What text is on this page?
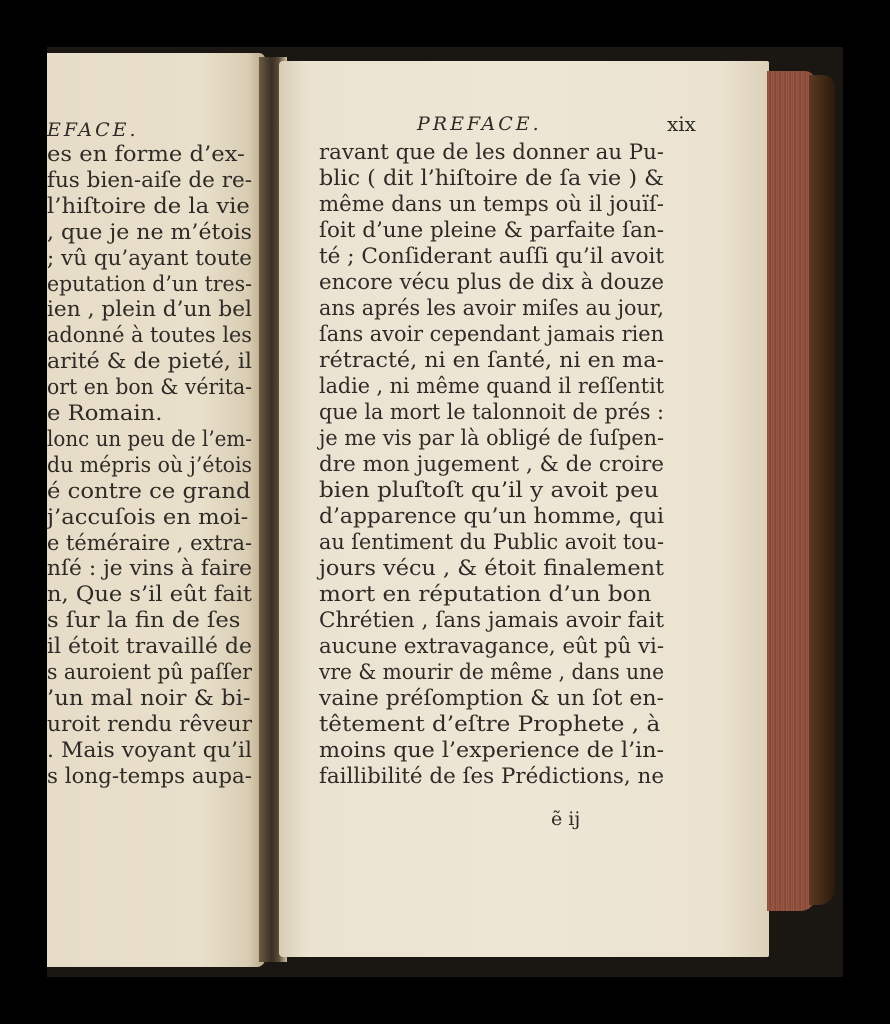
EFACE.
es en forme d’ex-
fus bien-aiſe de re-
l’hiſtoire de la vie
, que je ne m’étois
; vû qu’ayant toute
eputation d’un tres-
ien , plein d’un bel
adonné à toutes les
arité & de pieté, il
ort en bon & vérita-
e Romain.
lonc un peu de l’em-
du mépris où j’étois
é contre ce grand
j’accuſois en moi-
e téméraire , extra-
nſé : je vins à faire
n, Que s’il eût fait
s ſur la fin de ſes
il étoit travaillé de
s auroient pû paſſer
’un mal noir & bi-
uroit rendu rêveur
. Mais voyant qu’il
s long-temps aupa-
PREFACE.	xix
ravant que de les donner au Pu-
blic ( dit l’hiſtoire de ſa vie ) &
même dans un temps où il jouïſ-
ſoit d’une pleine & parfaite ſan-
té ; Conſiderant auſſi qu’il avoit
encore vécu plus de dix à douze
ans aprés les avoir miſes au jour,
ſans avoir cependant jamais rien
rétracté, ni en ſanté, ni en ma-
ladie , ni même quand il reſſentit
que la mort le talonnoit de prés :
je me vis par là obligé de ſuſpen-
dre mon jugement , & de croire
bien pluſtoſt qu’il y avoit peu
d’apparence qu’un homme, qui
au ſentiment du Public avoit tou-
jours vécu , & étoit finalement
mort en réputation d’un bon
Chrétien , ſans jamais avoir fait
aucune extravagance, eût pû vi-
vre & mourir de même , dans une
vaine préſomption & un ſot en-
têtement d’eſtre Prophete , à
moins que l’experience de l’in-
faillibilité de ſes Prédictions, ne
ẽ ij
